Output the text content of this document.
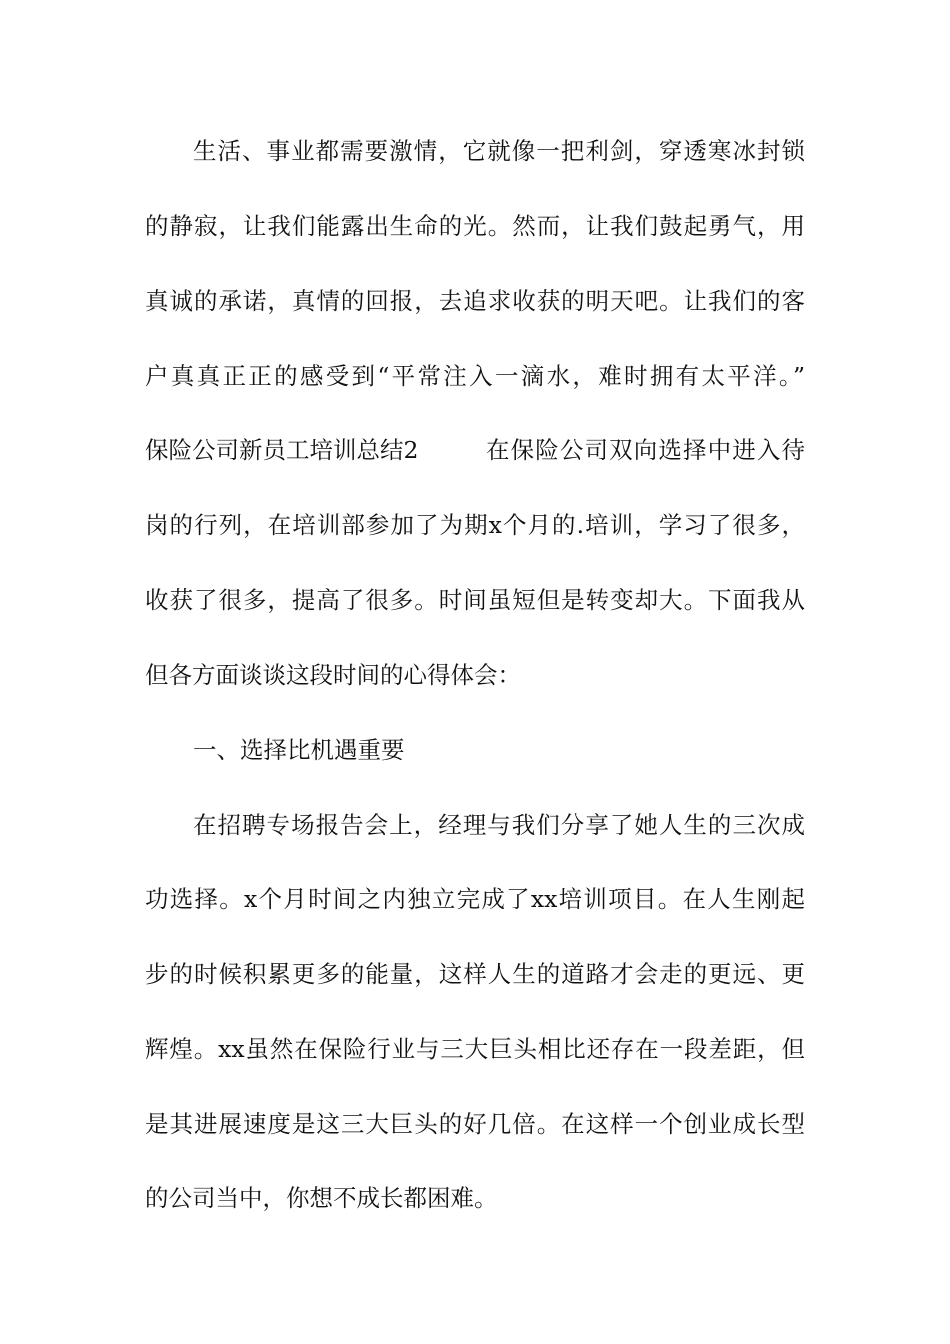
生活、事业都需要激情，它就像一把利剑，穿透寒冰封锁
的静寂，让我们能露出生命的光。然而，让我们鼓起勇气，用
真诚的承诺，真情的回报，去追求收获的明天吧。让我们的客
户真真正正的感受到“平常注入一滴水，难时拥有太平洋。”
保险公司新员工培训总结2	在保险公司双向选择中进入待
岗的行列，在培训部参加了为期x个月的.培训，学习了很多，
收获了很多，提高了很多。时间虽短但是转变却大。下面我从
但各方面谈谈这段时间的心得体会：
一、选择比机遇重要
在招聘专场报告会上，经理与我们分享了她人生的三次成
功选择。x个月时间之内独立完成了xx培训项目。在人生刚起
步的时候积累更多的能量，这样人生的道路才会走的更远、更
辉煌。xx虽然在保险行业与三大巨头相比还存在一段差距，但
是其进展速度是这三大巨头的好几倍。在这样一个创业成长型
的公司当中，你想不成长都困难。
